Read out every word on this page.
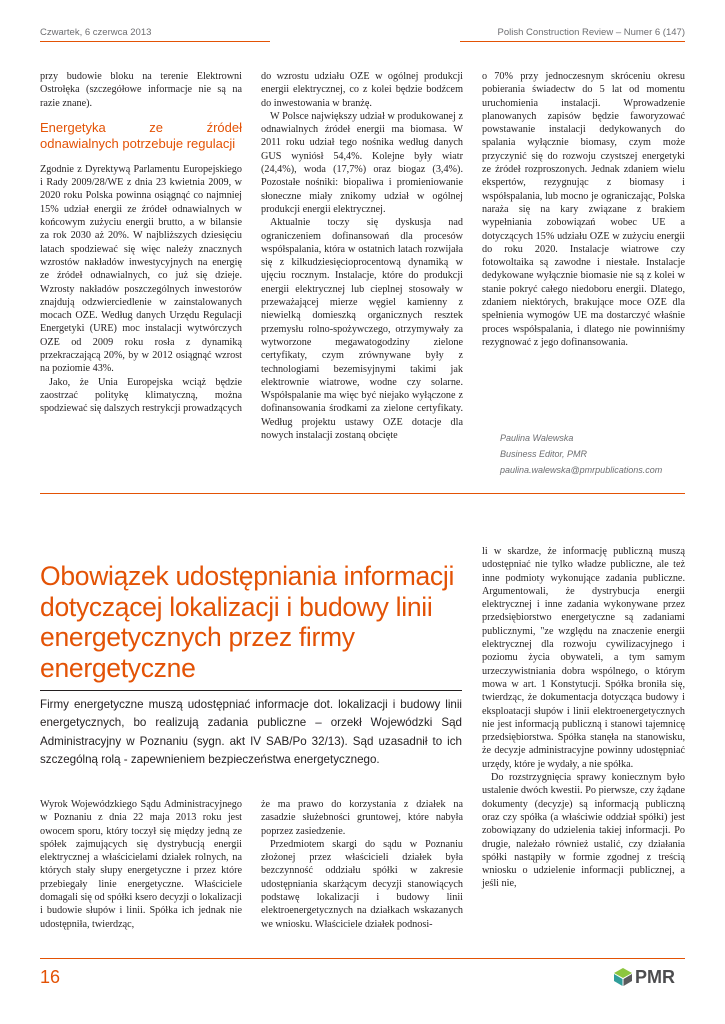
Czwartek, 6 czerwca 2013	Polish Construction Review – Numer 6 (147)

przy budowie bloku na terenie Elektrowni Ostrołęka (szczegółowe informacje nie są na razie znane).

Energetyka ze źródeł odnawialnych potrzebuje regulacji

Zgodnie z Dyrektywą Parlamentu Europejskiego i Rady 2009/28/WE z dnia 23 kwietnia 2009, w 2020 roku Polska powinna osiągnąć co najmniej 15% udział energii ze źródeł odnawialnych w końcowym zużyciu energii brutto, a w bilansie za rok 2030 aż 20%. W najbliższych dziesięciu latach spodziewać się więc należy znacznych wzrostów nakładów inwestycyjnych na energię ze źródeł odnawialnych, co już się dzieje. Wzrosty nakładów poszczególnych inwestorów znajdują odzwierciedlenie w zainstalowanych mocach OZE. Według danych Urzędu Regulacji Energetyki (URE) moc instalacji wytwórczych OZE od 2009 roku rosła z dynamiką przekraczającą 20%, by w 2012 osiągnąć wzrost na poziomie 43%.

Jako, że Unia Europejska wciąż będzie zaostrzać politykę klimatyczną, można spodziewać się dalszych restrykcji prowadzących

do wzrostu udziału OZE w ogólnej produkcji energii elektrycznej, co z kolei będzie bodźcem do inwestowania w branżę.

W Polsce największy udział w produkowanej z odnawialnych źródeł energii ma biomasa. W 2011 roku udział tego nośnika według danych GUS wyniósł 54,4%. Kolejne były wiatr (24,4%), woda (17,7%) oraz biogaz (3,4%). Pozostałe nośniki: biopaliwa i promieniowanie słoneczne miały znikomy udział w ogólnej produkcji energii elektrycznej.

Aktualnie toczy się dyskusja nad ograniczeniem dofinansowań dla procesów współspalania, która w ostatnich latach rozwijała się z kilkudziesięcioprocentową dynamiką w ujęciu rocznym. Instalacje, które do produkcji energii elektrycznej lub cieplnej stosowały w przeważającej mierze węgiel kamienny z niewielką domieszką organicznych resztek przemysłu rolno-spożywczego, otrzymywały za wytworzone megawatogodziny zielone certyfikaty, czym zrównywane były z technologiami bezemisyjnymi takimi jak elektrownie wiatrowe, wodne czy solarne. Współspalanie ma więc być niejako wyłączone z dofinansowania środkami za zielone certyfikaty. Według projektu ustawy OZE dotacje dla nowych instalacji zostaną obcięte

o 70% przy jednoczesnym skróceniu okresu pobierania świadectw do 5 lat od momentu uruchomienia instalacji. Wprowadzenie planowanych zapisów będzie faworyzować powstawanie instalacji dedykowanych do spalania wyłącznie biomasy, czym może przyczynić się do rozwoju czystszej energetyki ze źródeł rozproszonych. Jednak zdaniem wielu ekspertów, rezygnując z biomasy i współspalania, lub mocno je ograniczając, Polska naraża się na kary związane z brakiem wypełniania zobowiązań wobec UE a dotyczących 15% udziału OZE w zużyciu energii do roku 2020. Instalacje wiatrowe czy fotowoltaika są zawodne i niestałe. Instalacje dedykowane wyłącznie biomasie nie są z kolei w stanie pokryć całego niedoboru energii. Dlatego, zdaniem niektórych, brakujące moce OZE dla spełnienia wymogów UE ma dostarczyć właśnie proces współspalania, i dlatego nie powinniśmy rezygnować z jego dofinansowania.

Paulina Walewska
Business Editor, PMR
paulina.walewska@pmrpublications.com
Obowiązek udostępniania informacji dotyczącej lokalizacji i budowy linii energetycznych przez firmy energetyczne
Firmy energetyczne muszą udostępniać informacje dot. lokalizacji i budowy linii energetycznych, bo realizują zadania publiczne – orzekł Wojewódzki Sąd Administracyjny w Poznaniu (sygn. akt IV SAB/Po 32/13). Sąd uzasadnił to ich szczególną rolą - zapewnieniem bezpieczeństwa energetycznego.

Wyrok Wojewódzkiego Sądu Administracyjnego w Poznaniu z dnia 22 maja 2013 roku jest owocem sporu, który toczył się między jedną ze spółek zajmujących się dystrybucją energii elektrycznej a właścicielami działek rolnych, na których stały słupy energetyczne i przez które przebiegały linie energetyczne. Właściciele domagali się od spółki ksero decyzji o lokalizacji i budowie słupów i linii. Spółka ich jednak nie udostępniła, twierdząc,

że ma prawo do korzystania z działek na zasadzie służebności gruntowej, które nabyła poprzez zasiedzenie.

Przedmiotem skargi do sądu w Poznaniu złożonej przez właścicieli działek była bezczynność oddziału spółki w zakresie udostępniania skarżącym decyzji stanowiących podstawę lokalizacji i budowy linii elektroenergetycznych na działkach wskazanych we wniosku. Właściciele działek podnosi-

li w skardze, że informację publiczną muszą udostępniać nie tylko władze publiczne, ale też inne podmioty wykonujące zadania publiczne. Argumentowali, że dystrybucja energii elektrycznej i inne zadania wykonywane przez przedsiębiorstwo energetyczne są zadaniami publicznymi, "ze względu na znaczenie energii elektrycznej dla rozwoju cywilizacyjnego i poziomu życia obywateli, a tym samym urzeczywistniania dobra wspólnego, o którym mowa w art. 1 Konstytucji. Spółka broniła się, twierdząc, że dokumentacja dotycząca budowy i eksploatacji słupów i linii elektroenergetycznych nie jest informacją publiczną i stanowi tajemnicę przedsiębiorstwa. Spółka stanęła na stanowisku, że decyzje administracyjne powinny udostępniać urzędy, które je wydały, a nie spółka.

Do rozstrzygnięcia sprawy koniecznym było ustalenie dwóch kwestii. Po pierwsze, czy żądane dokumenty (decyzje) są informacją publiczną oraz czy spółka (a właściwie oddział spółki) jest zobowiązany do udzielenia takiej informacji. Po drugie, należało również ustalić, czy działania spółki nastąpiły w formie zgodnej z treścią wniosku o udzielenie informacji publicznej, a jeśli nie,

16	PMR
